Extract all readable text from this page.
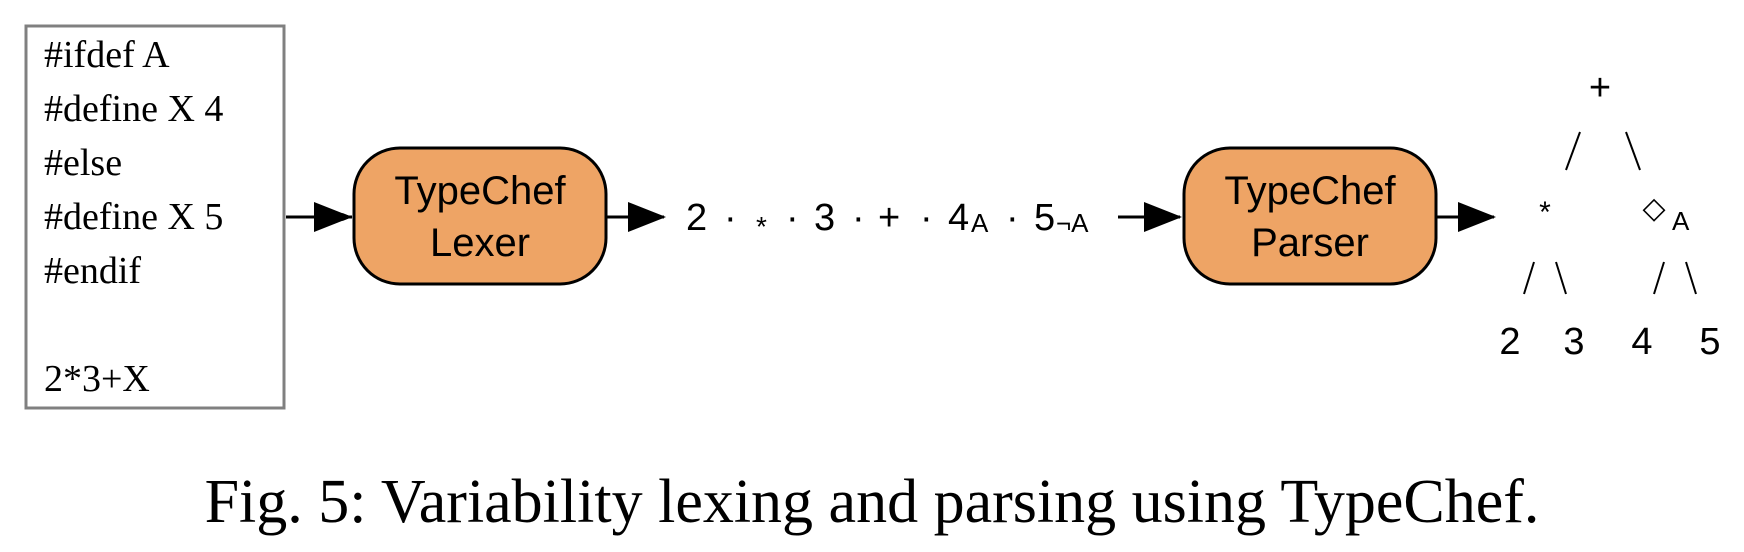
#ifdef A
#define X 4
#else
#define X 5
#endif
2*3+X
TypeChef
Lexer
2 · * · 3 · + · 4 A · 5 ¬A
TypeChef
Parser
+
*	◇ A
2 3 4 5
Fig. 5: Variability lexing and parsing using TypeChef.
